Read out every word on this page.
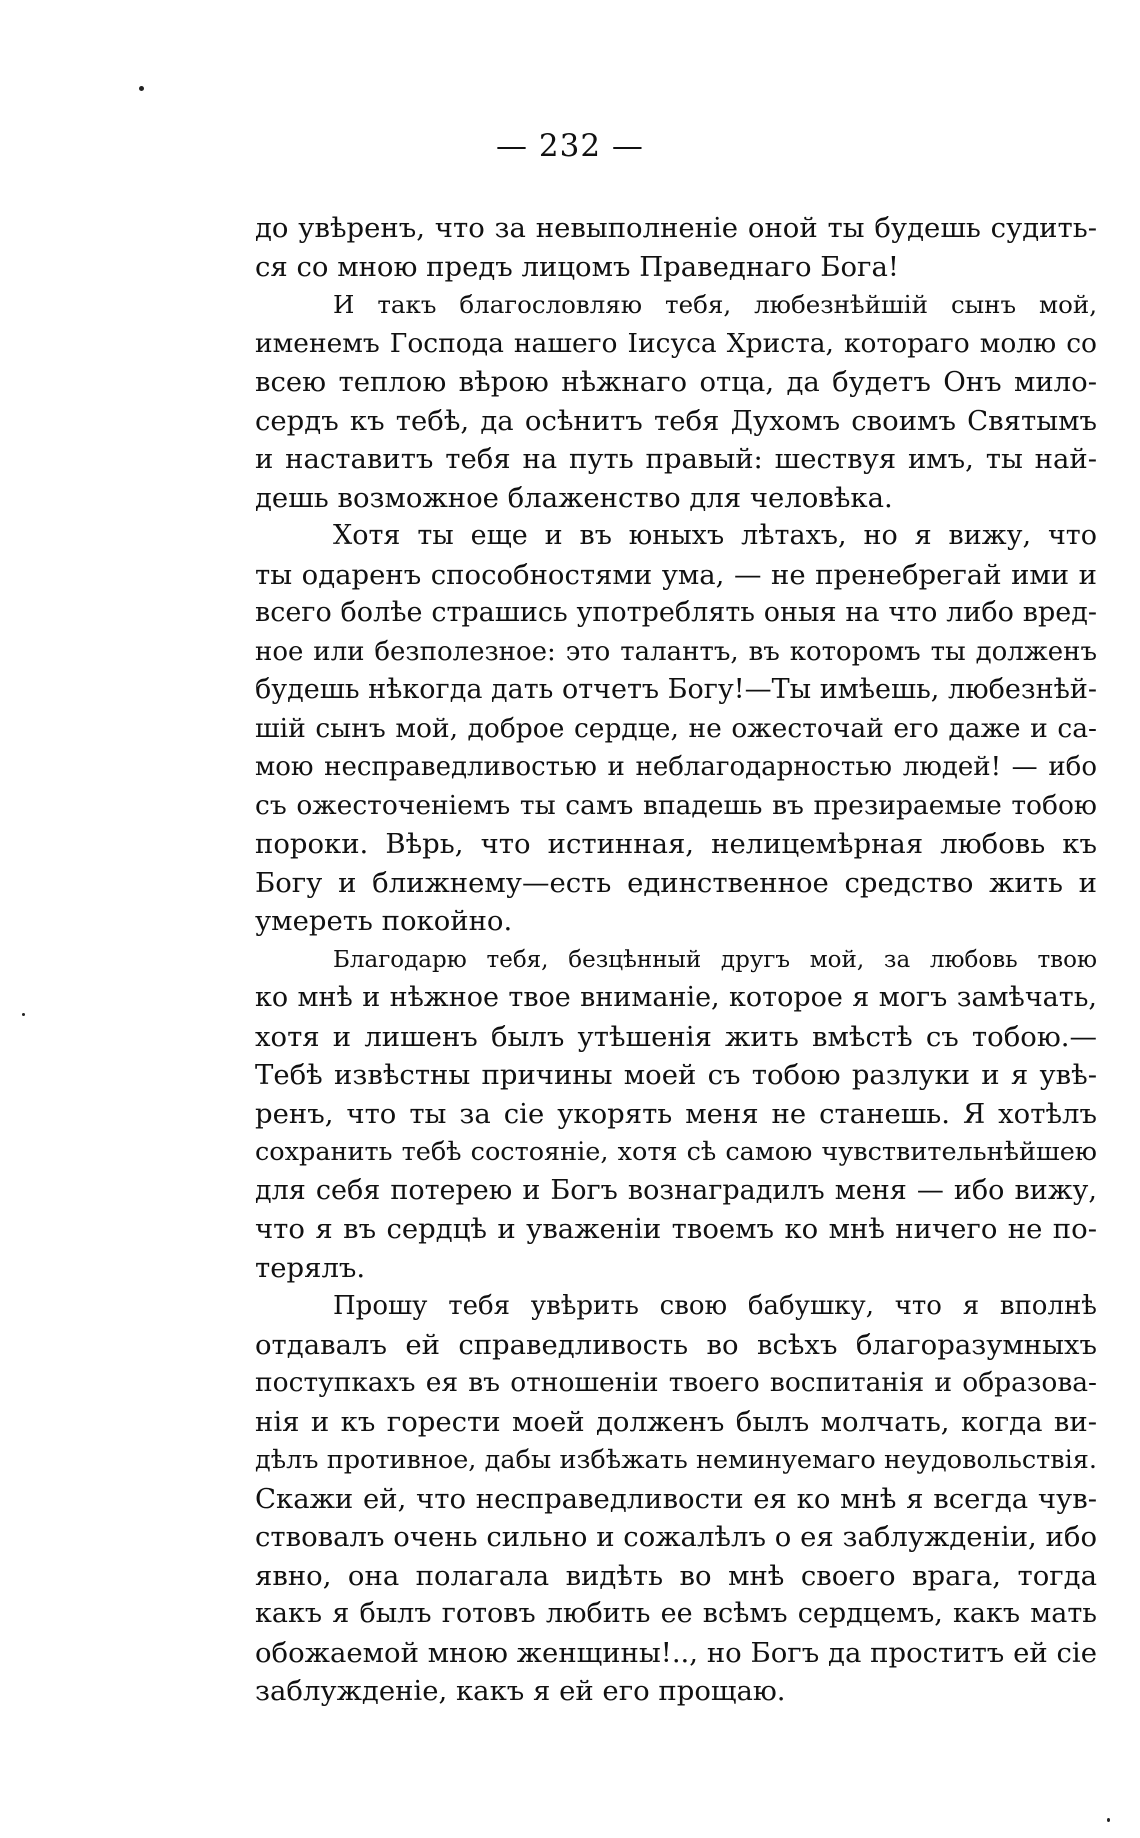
— 232 —
до увѣренъ, что за невыполненіе оной ты будешь судить-
ся со мною предъ лицомъ Праведнаго Бога!
И такъ благословляю тебя, любезнѣйшій сынъ мой,
именемъ Господа нашего Іисуса Христа, котораго молю со
всею теплою вѣрою нѣжнаго отца, да будетъ Онъ мило-
сердъ къ тебѣ, да осѣнитъ тебя Духомъ своимъ Святымъ
и наставитъ тебя на путь правый: шествуя имъ, ты най-
дешь возможное блаженство для человѣка.
Хотя ты еще и въ юныхъ лѣтахъ, но я вижу, что
ты одаренъ способностями ума, — не пренебрегай ими и
всего болѣе страшись употреблять оныя на что либо вред-
ное или безполезное: это талантъ, въ которомъ ты долженъ
будешь нѣкогда дать отчетъ Богу!—Ты имѣешь, любезнѣй-
шій сынъ мой, доброе сердце, не ожесточай его даже и са-
мою несправедливостью и неблагодарностью людей! — ибо
съ ожесточеніемъ ты самъ впадешь въ презираемые тобою
пороки. Вѣрь, что истинная, нелицемѣрная любовь къ
Богу и ближнему—есть единственное средство жить и
умереть покойно.
Благодарю тебя, безцѣнный другъ мой, за любовь твою
ко мнѣ и нѣжное твое вниманіе, которое я могъ замѣчать,
хотя и лишенъ былъ утѣшенія жить вмѣстѣ съ тобою.—
Тебѣ извѣстны причины моей съ тобою разлуки и я увѣ-
ренъ, что ты за сіе укорять меня не станешь. Я хотѣлъ
сохранить тебѣ состояніе, хотя сѣ самою чувствительнѣйшею
для себя потерею и Богъ вознаградилъ меня — ибо вижу,
что я въ сердцѣ и уваженіи твоемъ ко мнѣ ничего не по-
терялъ.
Прошу тебя увѣрить свою бабушку, что я вполнѣ
отдавалъ ей справедливость во всѣхъ благоразумныхъ
поступкахъ ея въ отношеніи твоего воспитанія и образова-
нія и къ горести моей долженъ былъ молчать, когда ви-
дѣлъ противное, дабы избѣжать неминуемаго неудовольствія.
Скажи ей, что несправедливости ея ко мнѣ я всегда чув-
ствовалъ очень сильно и сожалѣлъ о ея заблужденіи, ибо
явно, она полагала видѣть во мнѣ своего врага, тогда
какъ я былъ готовъ любить ее всѣмъ сердцемъ, какъ мать
обожаемой мною женщины!.., но Богъ да проститъ ей сіе
заблужденіе, какъ я ей его прощаю.
